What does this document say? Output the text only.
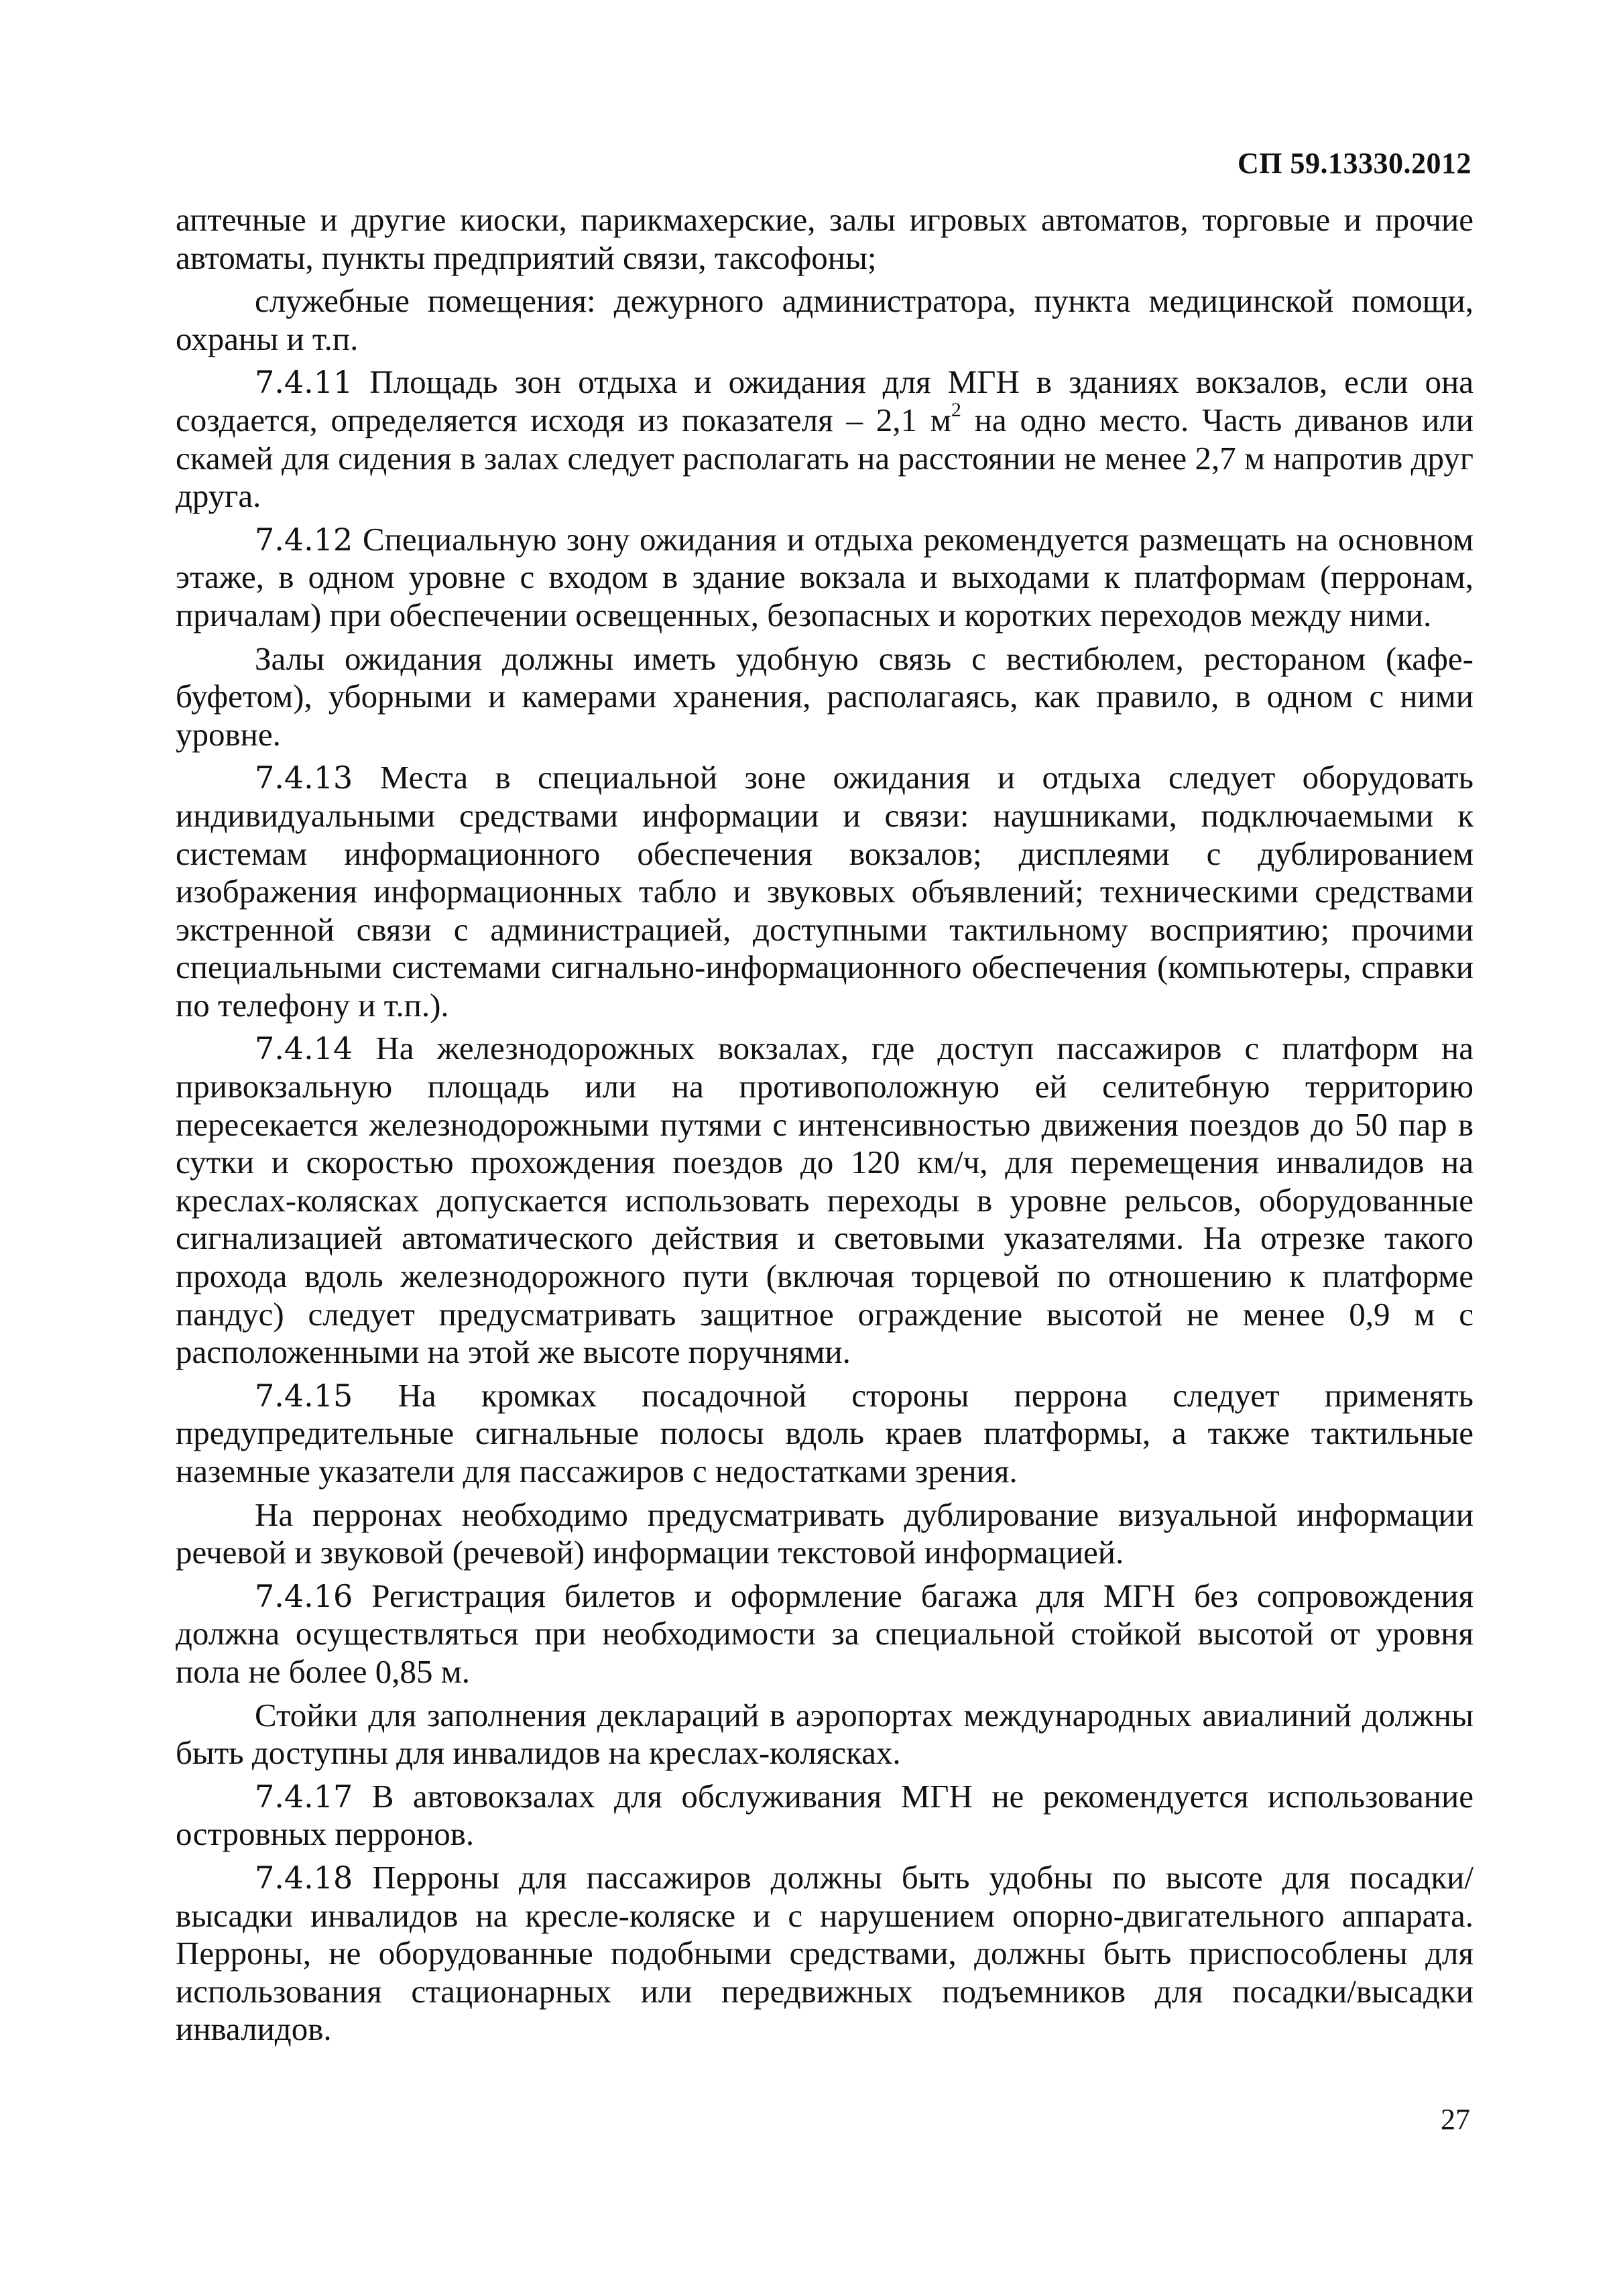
СП 59.13330.2012

аптечные и другие киоски, парикмахерские, залы игровых автоматов, торговые и прочие автоматы, пункты предприятий связи, таксофоны;

служебные помещения: дежурного администратора, пункта медицинской помощи, охраны и т.п.

7.4.11 Площадь зон отдыха и ожидания для МГН в зданиях вокзалов, если она создается, определяется исходя из показателя – 2,1 $м^2$ на одно место. Часть диванов или скамей для сидения в залах следует располагать на расстоянии не менее 2,7 м напротив друг друга.

7.4.12 Специальную зону ожидания и отдыха рекомендуется размещать на основном этаже, в одном уровне с входом в здание вокзала и выходами к платформам (перронам, причалам) при обеспечении освещенных, безопасных и коротких переходов между ними.

Залы ожидания должны иметь удобную связь с вестибюлем, рестораном (кафе-буфетом), уборными и камерами хранения, располагаясь, как правило, в одном с ними уровне.

7.4.13 Места в специальной зоне ожидания и отдыха следует оборудовать индивидуальными средствами информации и связи: наушниками, подключаемыми к системам информационного обеспечения вокзалов; дисплеями с дублированием изображения информационных табло и звуковых объявлений; техническими средствами экстренной связи с администрацией, доступными тактильному восприятию; прочими специальными системами сигнально-информационного обеспечения (компьютеры, справки по телефону и т.п.).

7.4.14 На железнодорожных вокзалах, где доступ пассажиров с платформ на привокзальную площадь или на противоположную ей селитебную территорию пересекается железнодорожными путями с интенсивностью движения поездов до 50 пар в сутки и скоростью прохождения поездов до 120 км/ч, для перемещения инвалидов на креслах-колясках допускается использовать переходы в уровне рельсов, оборудованные сигнализацией автоматического действия и световыми указателями. На отрезке такого прохода вдоль железнодорожного пути (включая торцевой по отношению к платформе пандус) следует предусматривать защитное ограждение высотой не менее 0,9 м с расположенными на этой же высоте поручнями.

7.4.15 На кромках посадочной стороны перрона следует применять предупредительные сигнальные полосы вдоль краев платформы, а также тактильные наземные указатели для пассажиров с недостатками зрения.

На перронах необходимо предусматривать дублирование визуальной информации речевой и звуковой (речевой) информации текстовой информацией.

7.4.16 Регистрация билетов и оформление багажа для МГН без сопровождения должна осуществляться при необходимости за специальной стойкой высотой от уровня пола не более 0,85 м.

Стойки для заполнения деклараций в аэропортах международных авиалиний должны быть доступны для инвалидов на креслах-колясках.

7.4.17 В автовокзалах для обслуживания МГН не рекомендуется использование островных перронов.

7.4.18 Перроны для пассажиров должны быть удобны по высоте для посадки/высадки инвалидов на кресле-коляске и с нарушением опорно-двигательного аппарата. Перроны, не оборудованные подобными средствами, должны быть приспособлены для использования стационарных или передвижных подъемников для посадки/высадки инвалидов.

27
